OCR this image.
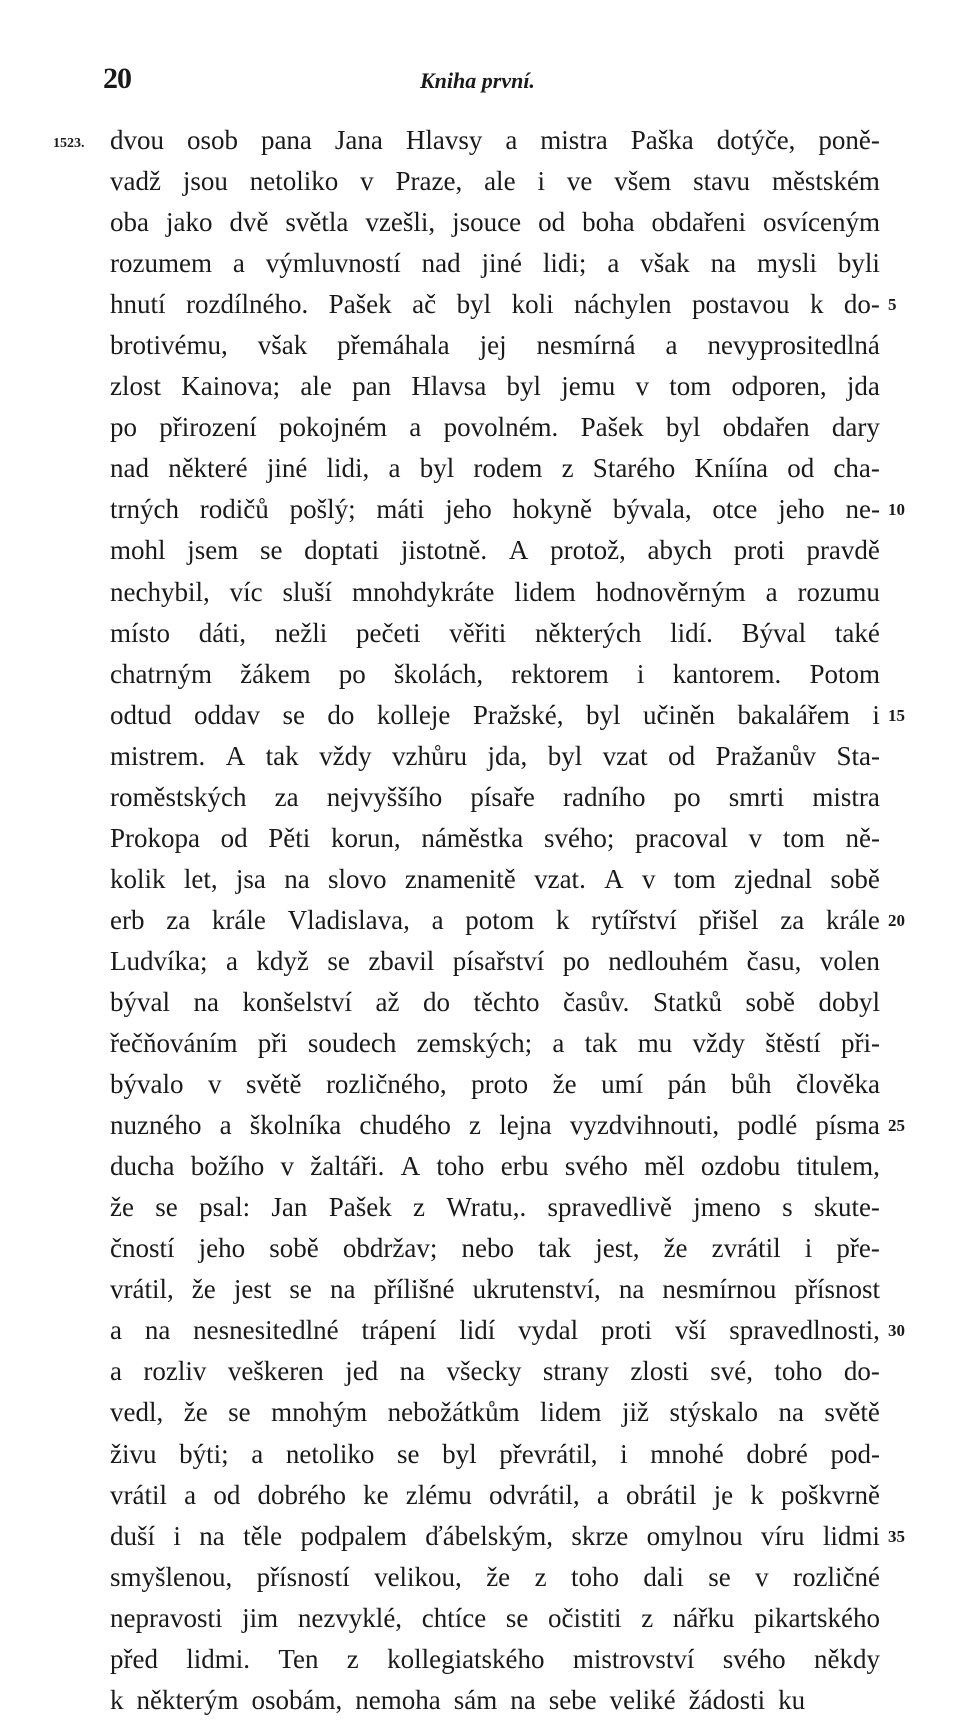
20	Kniha první.
1523. dvou osob pana Jana Hlavsy a mistra Paška dotýče, poně-
vadž jsou netoliko v Praze, ale i ve všem stavu městském
oba jako dvě světla vzešli, jsouce od boha obdařeni osvíceným
rozumem a výmluvností nad jiné lidi; a však na mysli byli
hnutí rozdílného. Pašek ač byl koli náchylen postavou k do-
brotivému, však přemáhala jej nesmírná a nevyprositedlná
zlost Kainova; ale pan Hlavsa byl jemu v tom odporen, jda
po přirození pokojném a povolném. Pašek byl obdařen dary
nad některé jiné lidi, a byl rodem z Starého Kníína od cha-
trných rodičů pošlý; máti jeho hokyně bývala, otce jeho ne-
mohl jsem se doptati jistotně. A protož, abych proti pravdě
nechybil, víc sluší mnohdykráte lidem hodnověrným a rozumu
místo dáti, nežli pečeti věřiti některých lidí. Býval také
chatrným žákem po školách, rektorem i kantorem. Potom
odtud oddav se do kolleje Pražské, byl učiněn bakalářem i
mistrem. A tak vždy vzhůru jda, byl vzat od Pražanův Sta-
roměstských za nejvyššího písaře radního po smrti mistra
Prokopa od Pěti korun, náměstka svého; pracoval v tom ně-
kolik let, jsa na slovo znamenitě vzat. A v tom zjednal sobě
erb za krále Vladislava, a potom k rytířství přišel za krále
Ludvíka; a když se zbavil písařství po nedlouhém času, volen
býval na konšelství až do těchto časův. Statků sobě dobyl
řečňováním při soudech zemských; a tak mu vždy štěstí při-
bývalo v světě rozličného, proto že umí pán bůh člověka
nuzného a školníka chudého z lejna vyzdvihnouti, podlé písma
ducha božího v žaltáři. A toho erbu svého měl ozdobu titulem,
že se psal: Jan Pašek z Wratu,. spravedlivě jmeno s skute-
čností jeho sobě obdržav; nebo tak jest, že zvrátil i pře-
vrátil, že jest se na přílišné ukrutenství, na nesmírnou přísnost
a na nesnesitedlné trápení lidí vydal proti vší spravedlnosti,
a rozliv veškeren jed na všecky strany zlosti své, toho do-
vedl, že se mnohým nebožátkům lidem již stýskalo na světě
živu býti; a netoliko se byl převrátil, i mnohé dobré pod-
vrátil a od dobrého ke zlému odvrátil, a obrátil je k poškvrně
duší i na těle podpalem ďábelským, skrze omylnou víru lidmi
smyšlenou, přísností velikou, že z toho dali se v rozličné
nepravosti jim nezvyklé, chtíce se očistiti z nářku pikartského
před lidmi. Ten z kollegiatského mistrovství svého někdy
k některým osobám, nemoha sám na sebe veliké žádosti ku
5
10
15
20
25
30
35
